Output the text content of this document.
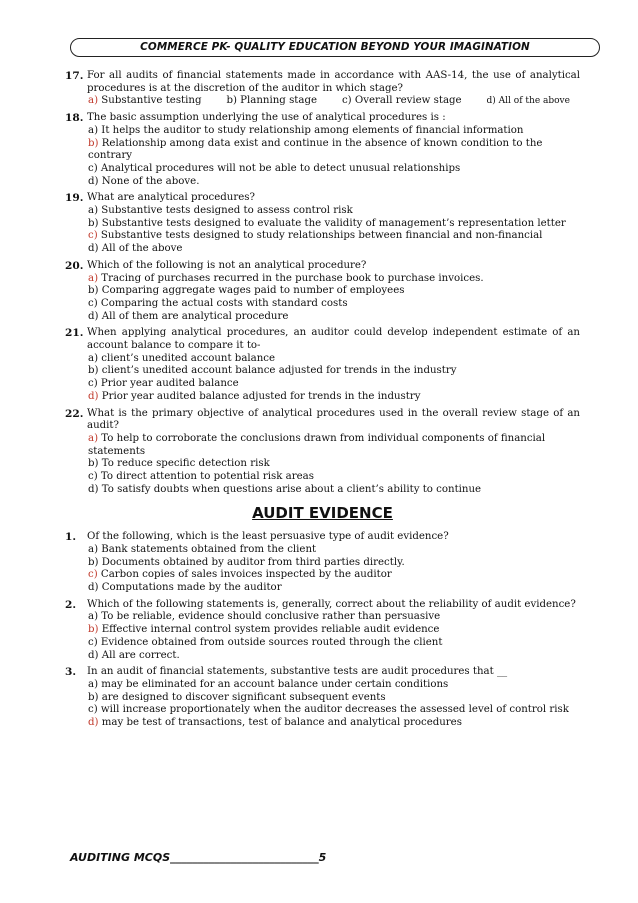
COMMERCE PK- QUALITY EDUCATION BEYOND YOUR IMAGINATION
17. For all audits of financial statements made in accordance with AAS-14, the use of analytical procedures is at the discretion of the auditor in which stage?
a) Substantive testing b) Planning stage c) Overall review stage	d) All of the above
18. The basic assumption underlying the use of analytical procedures is :
a) It helps the auditor to study relationship among elements of financial information
b) Relationship among data exist and continue in the absence of known condition to the contrary
c) Analytical procedures will not be able to detect unusual relationships
d) None of the above.
19. What are analytical procedures?
a) Substantive tests designed to assess control risk
b) Substantive tests designed to evaluate the validity of management’s representation letter
c) Substantive tests designed to study relationships between financial and non-financial
d) All of the above
20. Which of the following is not an analytical procedure?
a) Tracing of purchases recurred in the purchase book to purchase invoices.
b) Comparing aggregate wages paid to number of employees
c) Comparing the actual costs with standard costs
d) All of them are analytical procedure
21. When applying analytical procedures, an auditor could develop independent estimate of an account balance to compare it to-
a) client’s unedited account balance
b) client’s unedited account balance adjusted for trends in the industry
c) Prior year audited balance
d) Prior year audited balance adjusted for trends in the industry
22. What is the primary objective of analytical procedures used in the overall review stage of an audit?
a) To help to corroborate the conclusions drawn from individual components of financial statements
b) To reduce specific detection risk
c) To direct attention to potential risk areas
d) To satisfy doubts when questions arise about a client’s ability to continue
AUDIT EVIDENCE
1.	Of the following, which is the least persuasive type of audit evidence?
a) Bank statements obtained from the client
b) Documents obtained by auditor from third parties directly.
c) Carbon copies of sales invoices inspected by the auditor
d) Computations made by the auditor
2.	Which of the following statements is, generally, correct about the reliability of audit evidence?
a) To be reliable, evidence should conclusive rather than persuasive
b) Effective internal control system provides reliable audit evidence
c) Evidence obtained from outside sources routed through the client
d) All are correct.
3.	In an audit of financial statements, substantive tests are audit procedures that __
a) may be eliminated for an account balance under certain conditions
b) are designed to discover significant subsequent events
c) will increase proportionately when the auditor decreases the assessed level of control risk
d) may be test of transactions, test of balance and analytical procedures
AUDITING MCQS___________________________5
